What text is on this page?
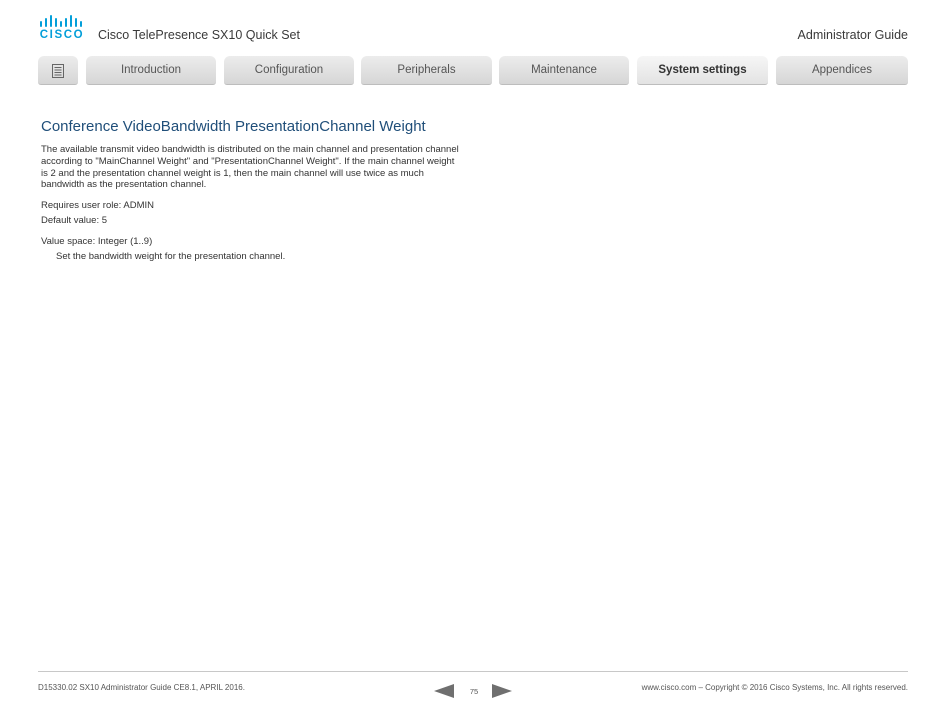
CISCO Cisco TelePresence SX10 Quick Set	Administrator Guide
Introduction	Configuration	Peripherals	Maintenance	System settings	Appendices
Conference VideoBandwidth PresentationChannel Weight

The available transmit video bandwidth is distributed on the main channel and presentation channel according to "MainChannel Weight" and "PresentationChannel Weight". If the main channel weight is 2 and the presentation channel weight is 1, then the main channel will use twice as much bandwidth as the presentation channel.

Requires user role: ADMIN
Default value: 5
Value space: Integer (1..9)
Set the bandwidth weight for the presentation channel.
D15330.02 SX10 Administrator Guide CE8.1, APRIL 2016.	75	www.cisco.com – Copyright © 2016 Cisco Systems, Inc. All rights reserved.
